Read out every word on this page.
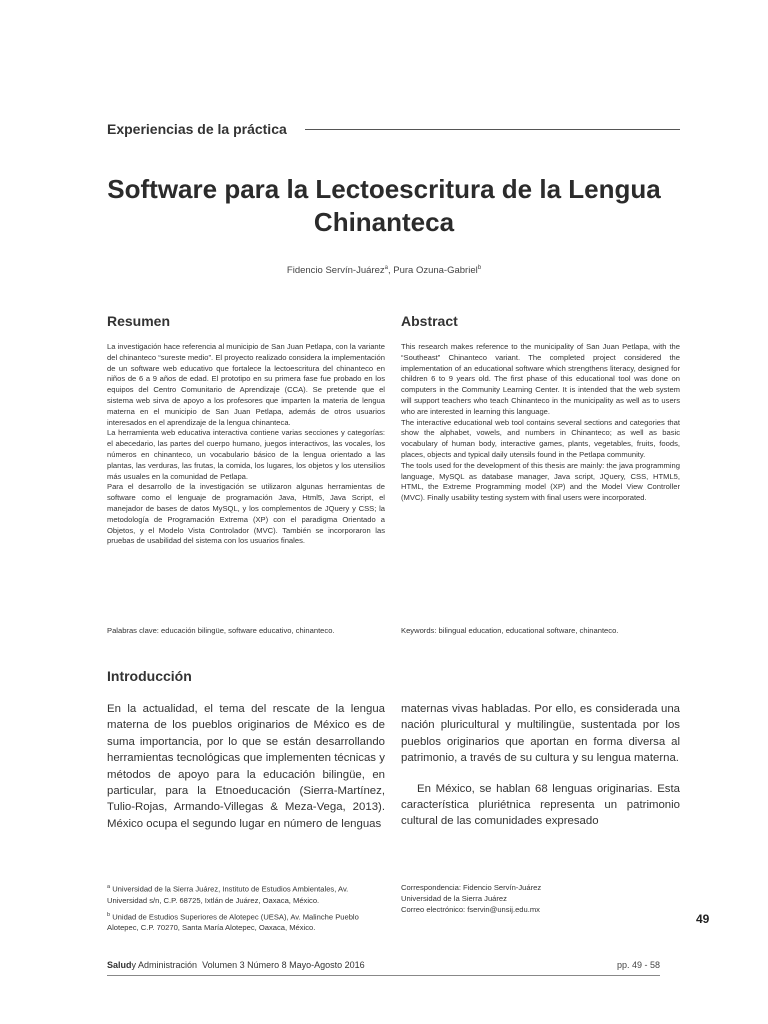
Experiencias de la práctica
Software para la Lectoescritura de la Lengua Chinanteca
Fidencio Servín-Juárez$^a$, Pura Ozuna-Gabriel$^b$
Resumen	Abstract

La investigación hace referencia al municipio de San Juan Petlapa, con la variante del chinanteco “sureste medio”. El proyecto realizado considera la implementación de un software web educativo que fortalece la lectoescritura del chinanteco en niños de 6 a 9 años de edad. El prototipo en su primera fase fue probado en los equipos del Centro Comunitario de Aprendizaje (CCA). Se pretende que el sistema web sirva de apoyo a los profesores que imparten la materia de lengua materna en el municipio de San Juan Petlapa, además de otros usuarios interesados en el aprendizaje de la lengua chinanteca.

La herramienta web educativa interactiva contiene varias secciones y categorías: el abecedario, las partes del cuerpo humano, juegos interactivos, las vocales, los números en chinanteco, un vocabulario básico de la lengua orientado a las plantas, las verduras, las frutas, la comida, los lugares, los objetos y los utensilios más usuales en la comunidad de Petlapa.

Para el desarrollo de la investigación se utilizaron algunas herramientas de software como el lenguaje de programación Java, Html5, Java Script, el manejador de bases de datos MySQL, y los complementos de JQuery y CSS; la metodología de Programación Extrema (XP) con el paradigma Orientado a Objetos, y el Modelo Vista Controlador (MVC). También se incorporaron las pruebas de usabilidad del sistema con los usuarios finales.

This research makes reference to the municipality of San Juan Petlapa, with the “Southeast” Chinanteco variant. The completed project considered the implementation of an educational software which strengthens literacy, designed for children 6 to 9 years old. The first phase of this educational tool was done on computers in the Community Learning Center. It is intended that the web system will support teachers who teach Chinanteco in the municipality as well as to users who are interested in learning this language.

The interactive educational web tool contains several sections and categories that show the alphabet, vowels, and numbers in Chinanteco; as well as basic vocabulary of human body, interactive games, plants, vegetables, fruits, foods, places, objects and typical daily utensils found in the Petlapa community.

The tools used for the development of this thesis are mainly: the java programming language, MySQL as database manager, Java script, JQuery, CSS, HTML5, HTML, the Extreme Programming model (XP) and the Model View Controller (MVC). Finally usability testing system with final users were incorporated.

Palabras clave: educación bilingüe, software educativo, chinanteco.	Keywords: bilingual education, educational software, chinanteco.
Introducción

En la actualidad, el tema del rescate de la lengua materna de los pueblos originarios de México es de suma importancia, por lo que se están desarrollando herramientas tecnológicas que implementen técnicas y métodos de apoyo para la educación bilingüe, en particular, para la Etnoeducación (Sierra-Martínez, Tulio-Rojas, Armando-Villegas & Meza-Vega, 2013). México ocupa el segundo lugar en número de lenguas

maternas vivas habladas. Por ello, es considerada una nación pluricultural y multilingüe, sustentada por los pueblos originarios que aportan en forma diversa al patrimonio, a través de su cultura y su lengua materna.

En México, se hablan 68 lenguas originarias. Esta característica pluriétnica representa un patrimonio cultural de las comunidades expresado

$^a$ Universidad de la Sierra Juárez, Instituto de Estudios Ambientales, Av. Universidad s/n, C.P. 68725, Ixtlán de Juárez, Oaxaca, México.

$^b$ Unidad de Estudios Superiores de Alotepec (UESA), Av. Malinche Pueblo Alotepec, C.P. 70270, Santa María Alotepec, Oaxaca, México.

Correspondencia: Fidencio Servín-Juárez
Universidad de la Sierra Juárez
Correo electrónico: fservin@unsij.edu.mx
49
Saludy Administración Volumen 3 Número 8 Mayo-Agosto 2016	pp. 49 - 58
